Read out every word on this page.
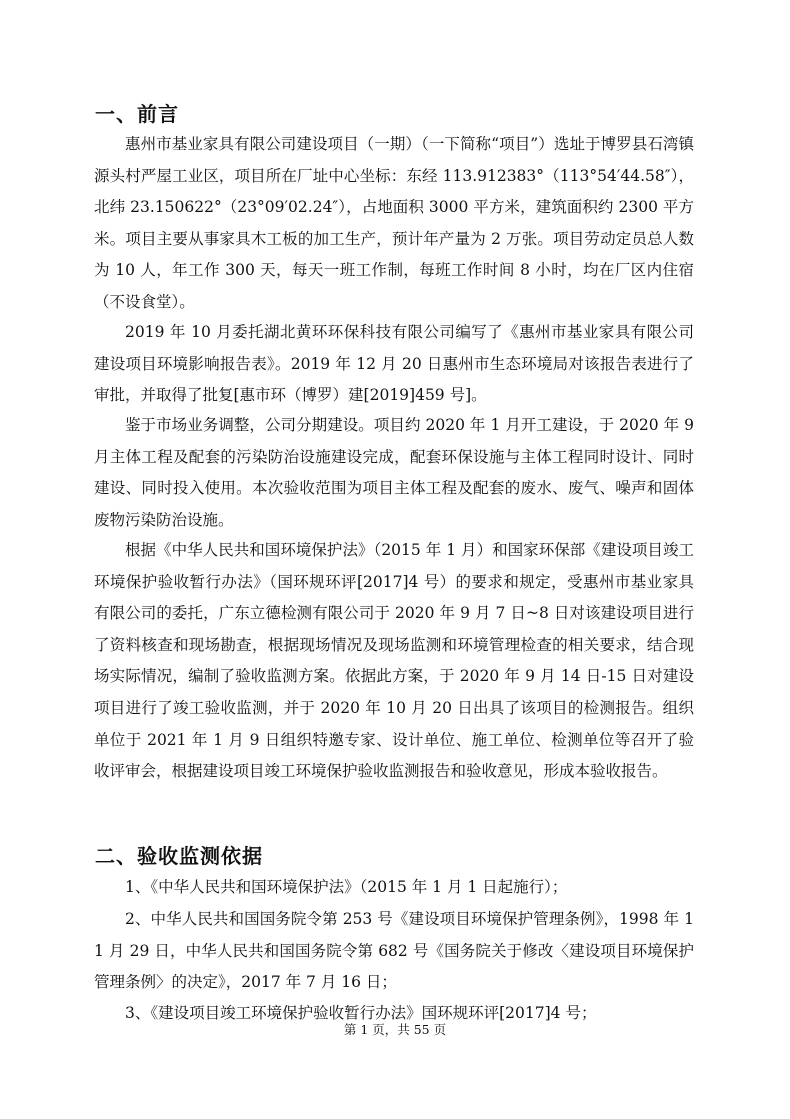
一、前言

惠州市基业家具有限公司建设项目（一期）（一下简称“项目”）选址于博罗县石湾镇源头村严屋工业区，项目所在厂址中心坐标：东经 113.912383°（113°54′44.58″），北纬 23.150622°（23°09′02.24″），占地面积 3000 平方米，建筑面积约 2300 平方米。项目主要从事家具木工板的加工生产，预计年产量为 2 万张。项目劳动定员总人数为 10 人，年工作 300 天，每天一班工作制，每班工作时间 8 小时，均在厂区内住宿（不设食堂）。

2019 年 10 月委托湖北黄环环保科技有限公司编写了《惠州市基业家具有限公司建设项目环境影响报告表》。2019 年 12 月 20 日惠州市生态环境局对该报告表进行了审批，并取得了批复[惠市环（博罗）建[2019]459 号]。

鉴于市场业务调整，公司分期建设。项目约 2020 年 1 月开工建设，于 2020 年 9 月主体工程及配套的污染防治设施建设完成，配套环保设施与主体工程同时设计、同时建设、同时投入使用。本次验收范围为项目主体工程及配套的废水、废气、噪声和固体废物污染防治设施。

根据《中华人民共和国环境保护法》（2015 年 1 月）和国家环保部《建设项目竣工环境保护验收暂行办法》（国环规环评[2017]4 号）的要求和规定，受惠州市基业家具有限公司的委托，广东立德检测有限公司于 2020 年 9 月 7 日~8 日对该建设项目进行了资料核查和现场勘查，根据现场情况及现场监测和环境管理检查的相关要求，结合现场实际情况，编制了验收监测方案。依据此方案，于 2020 年 9 月 14 日-15 日对建设项目进行了竣工验收监测，并于 2020 年 10 月 20 日出具了该项目的检测报告。组织单位于 2021 年 1 月 9 日组织特邀专家、设计单位、施工单位、检测单位等召开了验收评审会，根据建设项目竣工环境保护验收监测报告和验收意见，形成本验收报告。

二、验收监测依据

1、《中华人民共和国环境保护法》（2015 年 1 月 1 日起施行）；

2、中华人民共和国国务院令第 253 号《建设项目环境保护管理条例》，1998 年 11 月 29 日，中华人民共和国国务院令第 682 号《国务院关于修改〈建设项目环境保护管理条例〉的决定》，2017 年 7 月 16 日；

3、《建设项目竣工环境保护验收暂行办法》国环规环评[2017]4 号；

第 1 页，共 55 页
